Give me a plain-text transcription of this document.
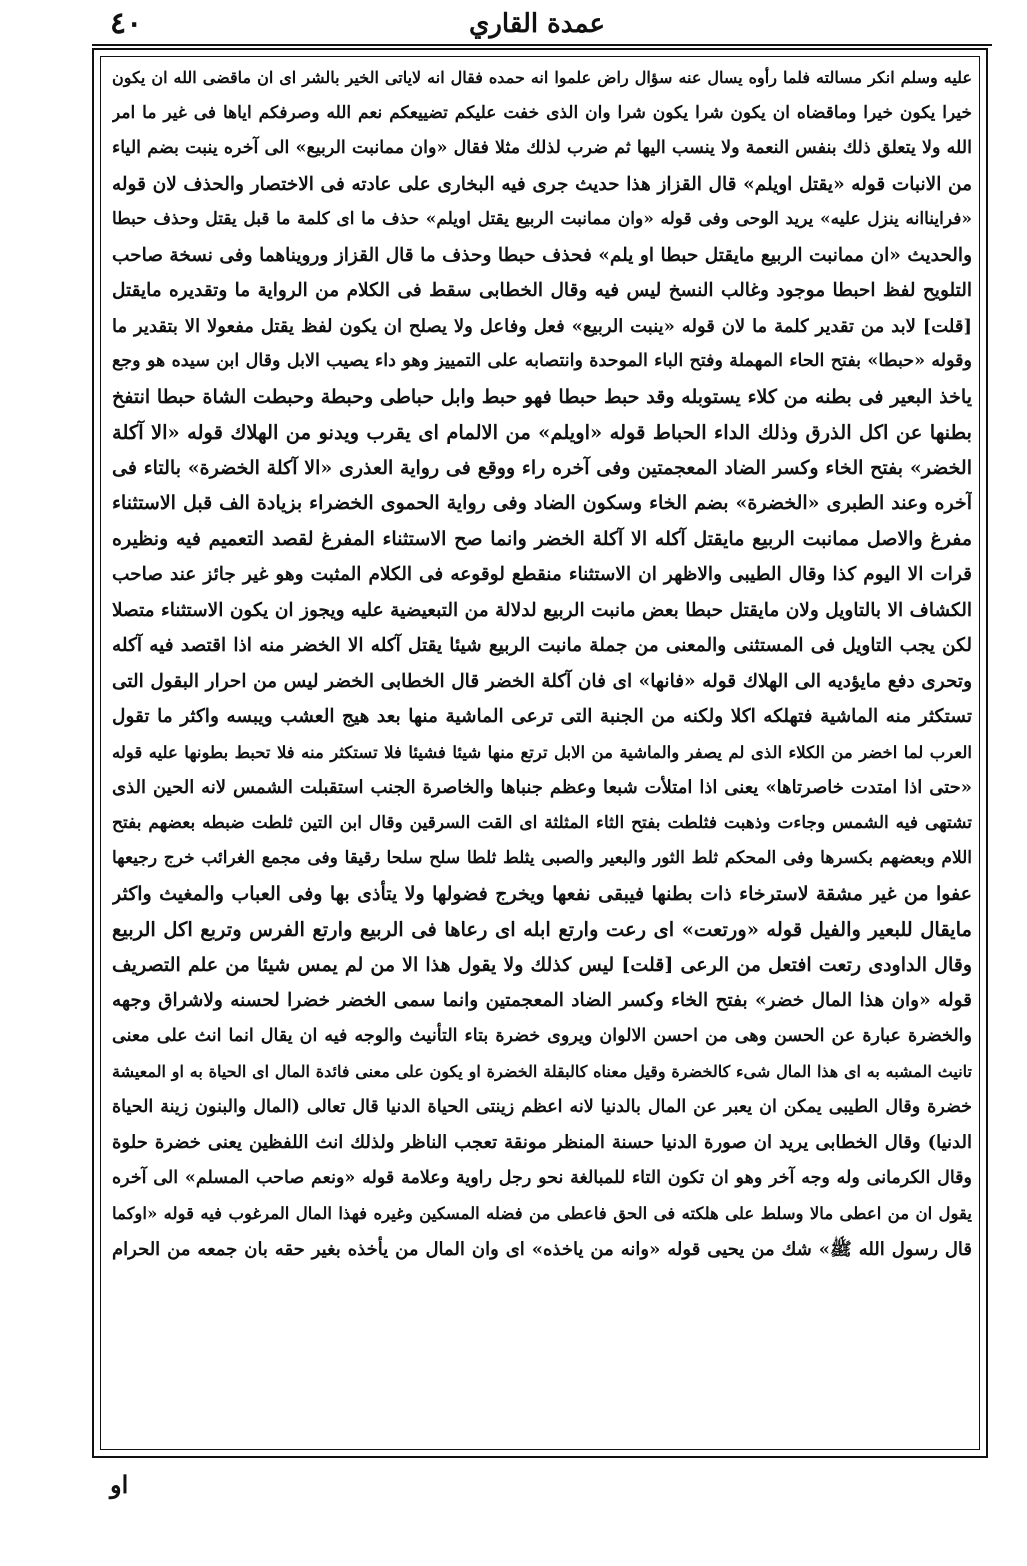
٤٠	عمدة القاري
عليه وسلم انكر مسالته فلما رأوه يسال عنه سؤال راض علموا انه حمده فقال انه لاياتى الخير بالشر اى ان ماقضى الله ان يكون
خيرا يكون خيرا وماقضاه ان يكون شرا يكون شرا وان الذى خفت عليكم تضييعكم نعم الله وصرفكم اياها فى غير ما امر
الله ولا يتعلق ذلك بنفس النعمة ولا ينسب اليها ثم ضرب لذلك مثلا فقال «وان ممانبت الربيع» الى آخره ينبت بضم الياء
من الانبات قوله «يقتل اويلم» قال القزاز هذا حديث جرى فيه البخارى على عادته فى الاختصار والحذف لان قوله
«فرايناانه ينزل عليه» يريد الوحى وفى قوله «وان ممانبت الربيع يقتل اويلم» حذف ما اى كلمة ما قبل يقتل وحذف حبطا
والحديث «ان ممانبت الربيع مايقتل حبطا او يلم» فحذف حبطا وحذف ما قال القزاز ورويناهما وفى نسخة صاحب
التلويح لفظ احبطا موجود وغالب النسخ ليس فيه وقال الخطابى سقط فى الكلام من الرواية ما وتقديره مايقتل
[قلت] لابد من تقدير كلمة ما لان قوله «ينبت الربيع» فعل وفاعل ولا يصلح ان يكون لفظ يقتل مفعولا الا بتقدير ما
وقوله «حبطا» بفتح الحاء المهملة وفتح الباء الموحدة وانتصابه على التمييز وهو داء يصيب الابل وقال ابن سيده هو وجع
ياخذ البعير فى بطنه من كلاء يستوبله وقد حبط حبطا فهو حبط وابل حباطى وحبطة وحبطت الشاة حبطا انتفخ
بطنها عن اكل الذرق وذلك الداء الحباط قوله «اويلم» من الالمام اى يقرب ويدنو من الهلاك قوله «الا آكلة
الخضر» بفتح الخاء وكسر الضاد المعجمتين وفى آخره راء ووقع فى رواية العذرى «الا آكلة الخضرة» بالتاء فى
آخره وعند الطبرى «الخضرة» بضم الخاء وسكون الضاد وفى رواية الحموى الخضراء بزيادة الف قبل الاستثناء
مفرغ والاصل ممانبت الربيع مايقتل آكله الا آكلة الخضر وانما صح الاستثناء المفرغ لقصد التعميم فيه ونظيره
قرات الا اليوم كذا وقال الطيبى والاظهر ان الاستثناء منقطع لوقوعه فى الكلام المثبت وهو غير جائز عند صاحب
الكشاف الا بالتاويل ولان مايقتل حبطا بعض مانبت الربيع لدلالة من التبعيضية عليه ويجوز ان يكون الاستثناء متصلا
لكن يجب التاويل فى المستثنى والمعنى من جملة مانبت الربيع شيئا يقتل آكله الا الخضر منه اذا اقتصد فيه آكله
وتحرى دفع مايؤديه الى الهلاك قوله «فانها» اى فان آكلة الخضر قال الخطابى الخضر ليس من احرار البقول التى
تستكثر منه الماشية فتهلكه اكلا ولكنه من الجنبة التى ترعى الماشية منها بعد هيج العشب ويبسه واكثر ما تقول
العرب لما اخضر من الكلاء الذى لم يصفر والماشية من الابل ترتع منها شيئا فشيئا فلا تستكثر منه فلا تحبط بطونها عليه قوله
«حتى اذا امتدت خاصرتاها» يعنى اذا امتلأت شبعا وعظم جنباها والخاصرة الجنب استقبلت الشمس لانه الحين الذى
تشتهى فيه الشمس وجاءت وذهبت فثلطت بفتح الثاء المثلثة اى القت السرقين وقال ابن التين ثلطت ضبطه بعضهم بفتح
اللام وبعضهم بكسرها وفى المحكم ثلط الثور والبعير والصبى يثلط ثلطا سلح سلحا رقيقا وفى مجمع الغرائب خرج رجيعها
عفوا من غير مشقة لاسترخاء ذات بطنها فيبقى نفعها ويخرج فضولها ولا يتأذى بها وفى العباب والمغيث واكثر
مايقال للبعير والفيل قوله «ورتعت» اى رعت وارتع ابله اى رعاها فى الربيع وارتع الفرس وتربع اكل الربيع
وقال الداودى رتعت افتعل من الرعى [قلت] ليس كذلك ولا يقول هذا الا من لم يمس شيئا من علم التصريف
قوله «وان هذا المال خضر» بفتح الخاء وكسر الضاد المعجمتين وانما سمى الخضر خضرا لحسنه ولاشراق وجهه
والخضرة عبارة عن الحسن وهى من احسن الالوان ويروى خضرة بتاء التأنيث والوجه فيه ان يقال انما انث على معنى
تانيث المشبه به اى هذا المال شىء كالخضرة وقيل معناه كالبقلة الخضرة او يكون على معنى فائدة المال اى الحياة به او المعيشة
خضرة وقال الطيبى يمكن ان يعبر عن المال بالدنيا لانه اعظم زينتى الحياة الدنيا قال تعالى (المال والبنون زينة الحياة
الدنيا) وقال الخطابى يريد ان صورة الدنيا حسنة المنظر مونقة تعجب الناظر ولذلك انث اللفظين يعنى خضرة حلوة
وقال الكرمانى وله وجه آخر وهو ان تكون التاء للمبالغة نحو رجل راوية وعلامة قوله «ونعم صاحب المسلم» الى آخره
يقول ان من اعطى مالا وسلط على هلكته فى الحق فاعطى من فضله المسكين وغيره فهذا المال المرغوب فيه قوله «اوكما
قال رسول الله ﷺ» شك من يحيى قوله «وانه من ياخذه» اى وان المال من يأخذه بغير حقه بان جمعه من الحرام
او
